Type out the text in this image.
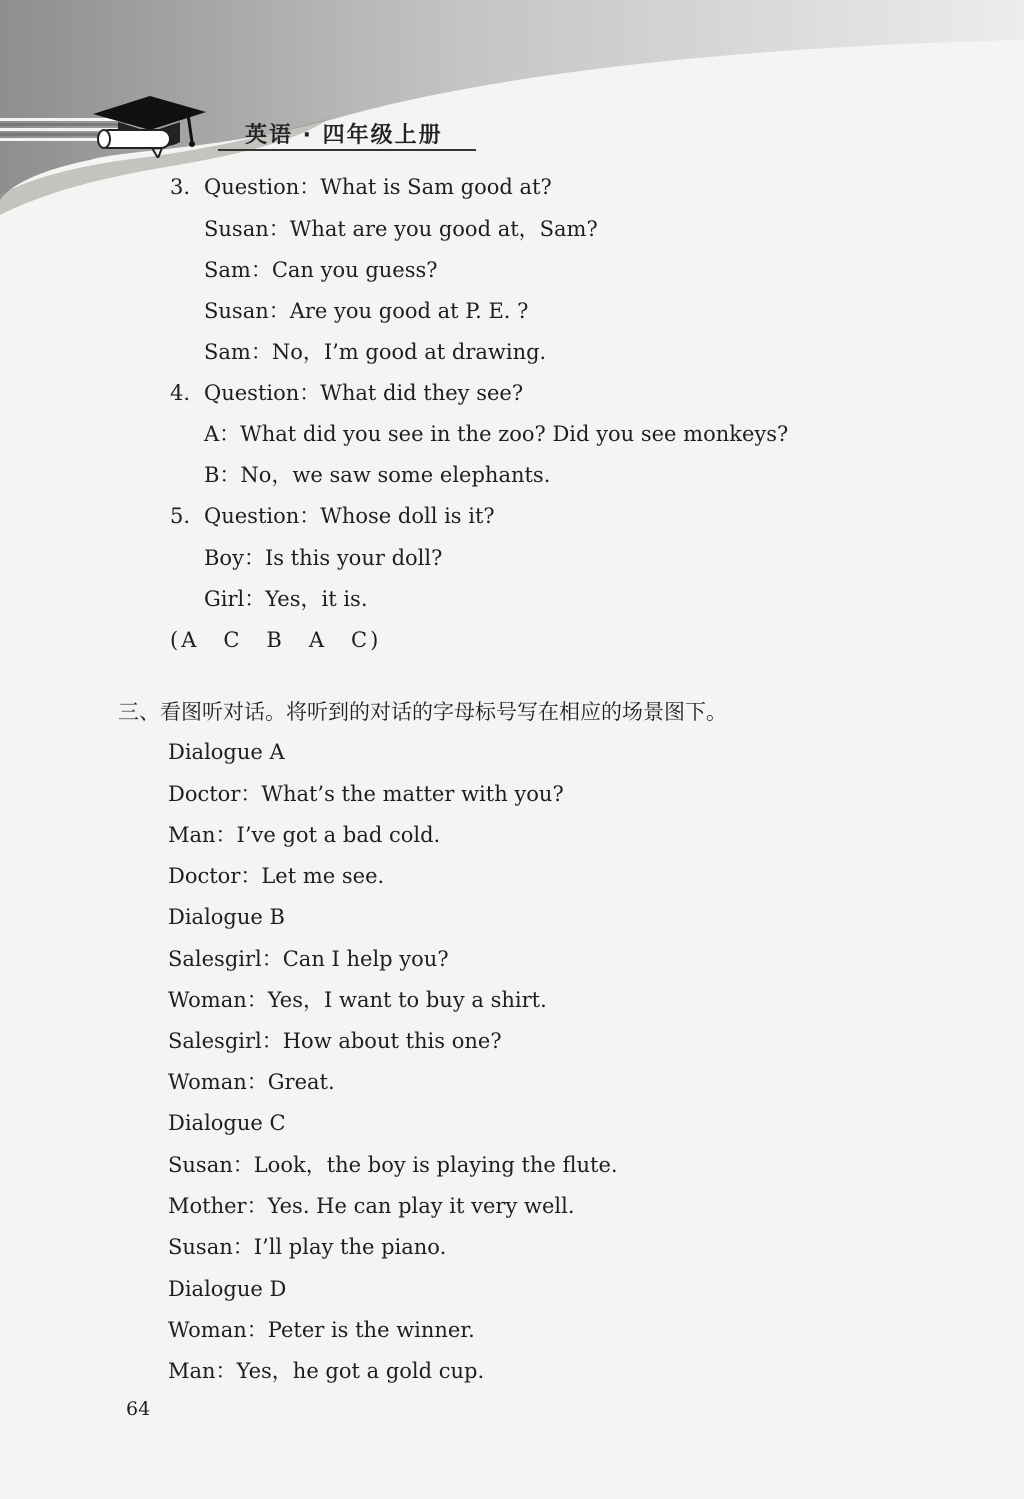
英语 · 四年级上册
3. Question：What is Sam good at?
Susan：What are you good at，Sam?
Sam：Can you guess?
Susan：Are you good at P. E. ?
Sam：No，I’m good at drawing.
4. Question：What did they see?
A：What did you see in the zoo? Did you see monkeys?
B：No，we saw some elephants.
5. Question：Whose doll is it?
Boy：Is this your doll?
Girl：Yes，it is.
(A　C　B　A　C)
三、看图听对话。将听到的对话的字母标号写在相应的场景图下。
Dialogue A
Doctor：What’s the matter with you?
Man：I’ve got a bad cold.
Doctor：Let me see.
Dialogue B
Salesgirl：Can I help you?
Woman：Yes，I want to buy a shirt.
Salesgirl：How about this one?
Woman：Great.
Dialogue C
Susan：Look，the boy is playing the flute.
Mother：Yes. He can play it very well.
Susan：I’ll play the piano.
Dialogue D
Woman：Peter is the winner.
Man：Yes，he got a gold cup.
64
